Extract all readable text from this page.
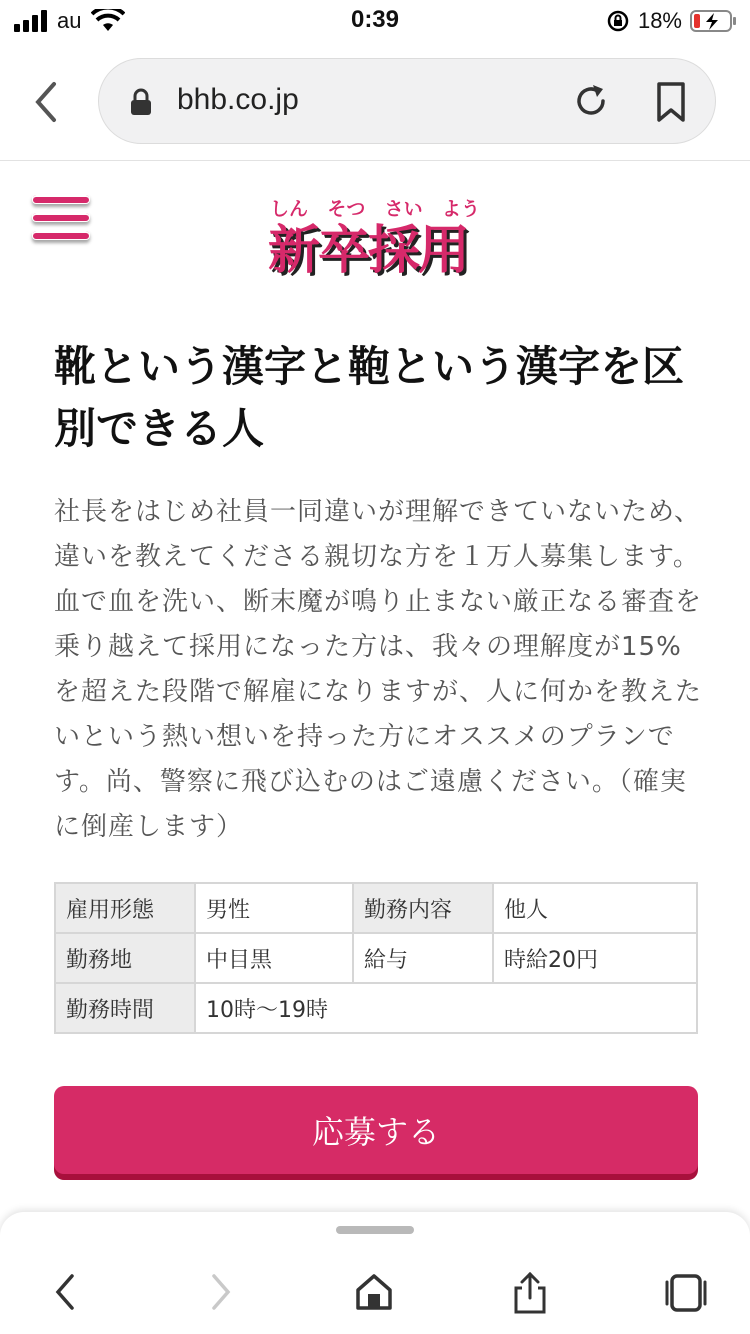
au	0:39	18%
bhb.co.jp
しん そつ さい よう
新卒採用
靴という漢字と鞄という漢字を区別できる人

社長をはじめ社員一同違いが理解できていないため、違いを教えてくださる親切な方を１万人募集します。血で血を洗い、断末魔が鳴り止まない厳正なる審査を乗り越えて採用になった方は、我々の理解度が15%を超えた段階で解雇になりますが、人に何かを教えたいという熱い想いを持った方にオススメのプランです。尚、警察に飛び込むのはご遠慮ください。（確実に倒産します）

雇用形態	男性	勤務内容	他人
勤務地	中目黒	給与	時給20円
勤務時間	10時〜19時		
応募する
